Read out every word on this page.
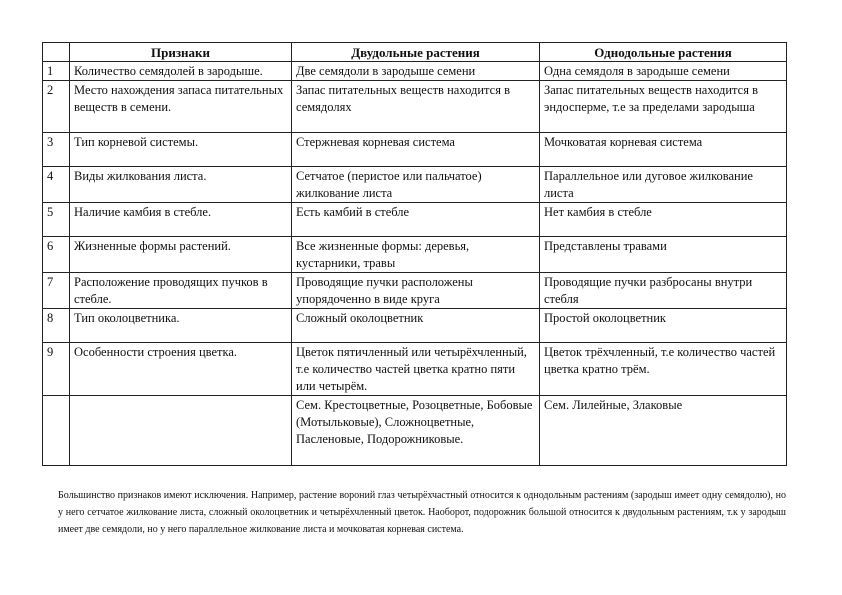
	Признаки	Двудольные растения	Однодольные растения
1	Количество семядолей в зародыше.	Две семядоли в зародыше семени	Одна семядоля в зародыше семени
2	Место нахождения запаса питательных веществ в семени.	Запас питательных веществ находится в семядолях	Запас питательных веществ находится в эндосперме, т.е за пределами зародыша
3	Тип корневой системы.	Стержневая корневая система	Мочковатая корневая система
4	Виды жилкования листа.	Сетчатое (перистое или пальчатое) жилкование листа	Параллельное или дуговое жилкование листа
5	Наличие камбия в стебле.	Есть камбий в стебле	Нет камбия в стебле
6	Жизненные формы растений.	Все жизненные формы: деревья, кустарники, травы	Представлены травами
7	Расположение проводящих пучков в стебле.	Проводящие пучки расположены упорядоченно в виде круга	Проводящие пучки разбросаны внутри стебля
8	Тип околоцветника.	Сложный околоцветник	Простой околоцветник
9	Особенности строения цветка.	Цветок пятичленный или четырёхчленный, т.е количество частей цветка кратно пяти или четырём.	Цветок трёхчленный, т.е количество частей цветка кратно трём.
		Сем. Крестоцветные, Розоцветные, Бобовые (Мотыльковые), Сложноцветные, Пасленовые, Подорожниковые.	Сем. Лилейные, Злаковые

Большинство признаков имеют исключения. Например, растение вороний глаз четырёхчастный относится к однодольным растениям (зародыш имеет одну семядолю), но у него сетчатое жилкование листа, сложный околоцветник и четырёхчленный цветок. Наоборот, подорожник большой относится к двудольным растениям, т.к у зародыш имеет две семядоли, но у него параллельное жилкование листа и мочковатая корневая система.
